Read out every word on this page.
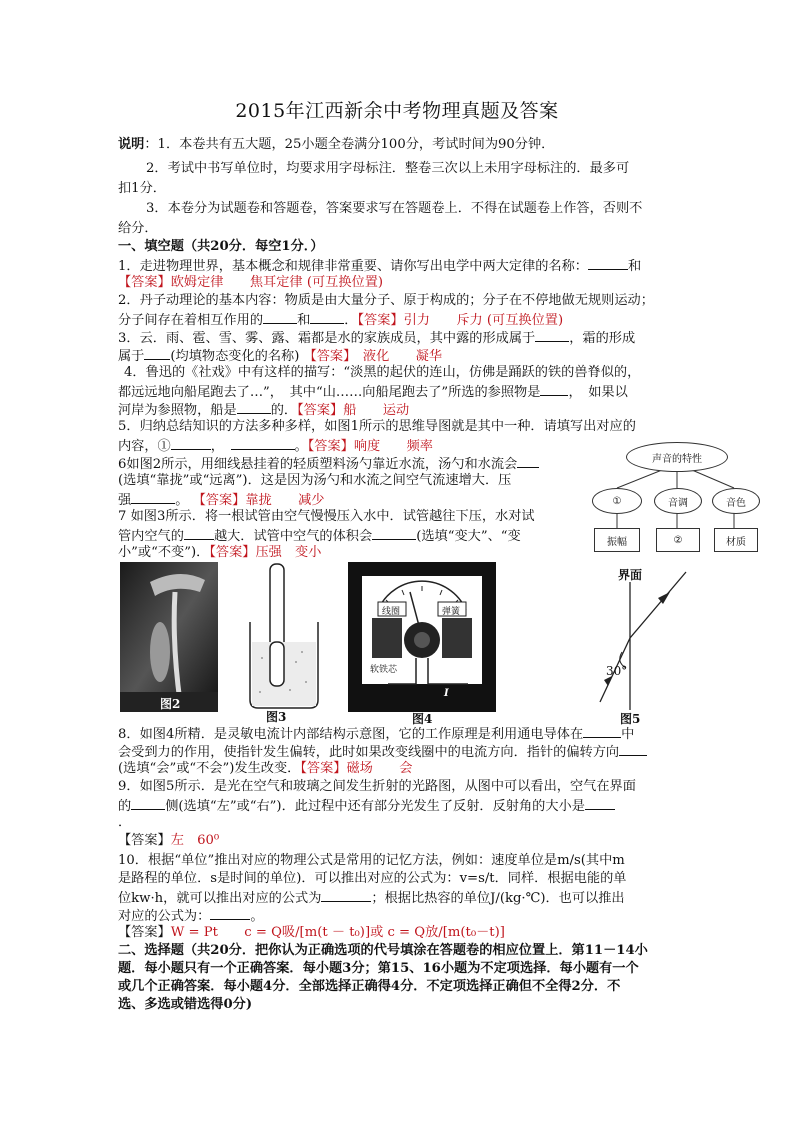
2015年江西新余中考物理真题及答案
说明：1．本卷共有五大题，25小题全卷满分100分，考试时间为90分钟．
2．考试中书写单位时，均要求用字母标注．整卷三次以上未用字母标注的．最多可
扣1分．
3．本卷分为试题卷和答题卷，答案要求写在答题卷上．不得在试题卷上作答，否则不
给分．
一、填空题（共20分．每空1分．）
1．走进物理世界，基本概念和规律非常重要、请你写出电学中两大定律的名称：	和
【答案】欧姆定律　　焦耳定律 (可互换位置)
2．丹子动理论的基本内容：物质是由大量分子、原于构成的；分子在不停地做无规则运动；
分子间存在着相互作用的	和	．【答案】引力　　斥力 (可互换位置)
3．云．雨、雹、雪、雾、露、霜都是水的家族成员，其中露的形成属于	，霜的形成
属于 (均填物态变化的名称) 【答案】　液化　　凝华
4．鲁迅的《社戏》中有这样的描写：“淡黑的起伏的连山，仿佛是踊跃的铁的兽脊似的，
都远远地向船尾跑去了…”，　其中“山……向船尾跑去了”所选的参照物是 ，　如果以
河岸为参照物，船是	的．【答案】船　　运动
5．归纳总结知识的方法多种多样，如图1所示的思维导图就是其中一种．请填写出对应的
内容，①	，　	。【答案】响度　　频率
6如图2所示，用细线悬挂着的轻质塑料汤勺靠近水流，汤勺和水流会
(选填“靠拢”或“远离”)．这是因为汤勺和水流之间空气流速增大．压
强	。 【答案】靠拢　　减少
7 如图3所示．将一根试管由空气慢慢压入水中．试管越往下压，水对试
管内空气的 越大．试管中空气的体积会	(选填“变大”、“变
小”或“不变”)．【答案】压强　变小
声音的特性
①	音调	音色
振幅	②	材质
图2
图3
线圈	弹簧
软铁芯
I
图4
界面
30°
图5
8．如图4所精．是灵敏电流计内部结构示意图，它的工作原理是利用通电导体在	中
会受到力的作用，使指针发生偏转，此时如果改变线圈中的电流方向．指针的偏转方向
(选填“会”或“不会”)发生改变．【答案】磁场　　会
9．如图5所示．是光在空气和玻璃之间发生折射的光路图，从图中可以看出，空气在界面
的	侧(选填“左”或“右”)．此过程中还有部分光发生了反射．反射角的大小是
．
【答案】左　60⁰
10．根据“单位”推出对应的物理公式是常用的记忆方法，例如：速度单位是m/s(其中m
是路程的单位．s是时间的单位)．可以推出对应的公式为：v=s/t．同样．根据电能的单
位kw·h，就可以推出对应的公式为	；根据比热容的单位J/(kg·℃)．也可以推出
对应的公式为：	。
【答案】W = Pt　　c = Q吸/[m(t － t₀)]或 c = Q放/[m(t₀－t)]
二、选择题（共20分．把你认为正确选项的代号填涂在答题卷的相应位置上．第11－14小
题．每小题只有一个正确答案．每小题3分；第15、16小题为不定项选择．每小题有一个
或几个正确答案．每小题4分．全部选择正确得4分．不定项选择正确但不全得2分．不
选、多选或错选得0分)
